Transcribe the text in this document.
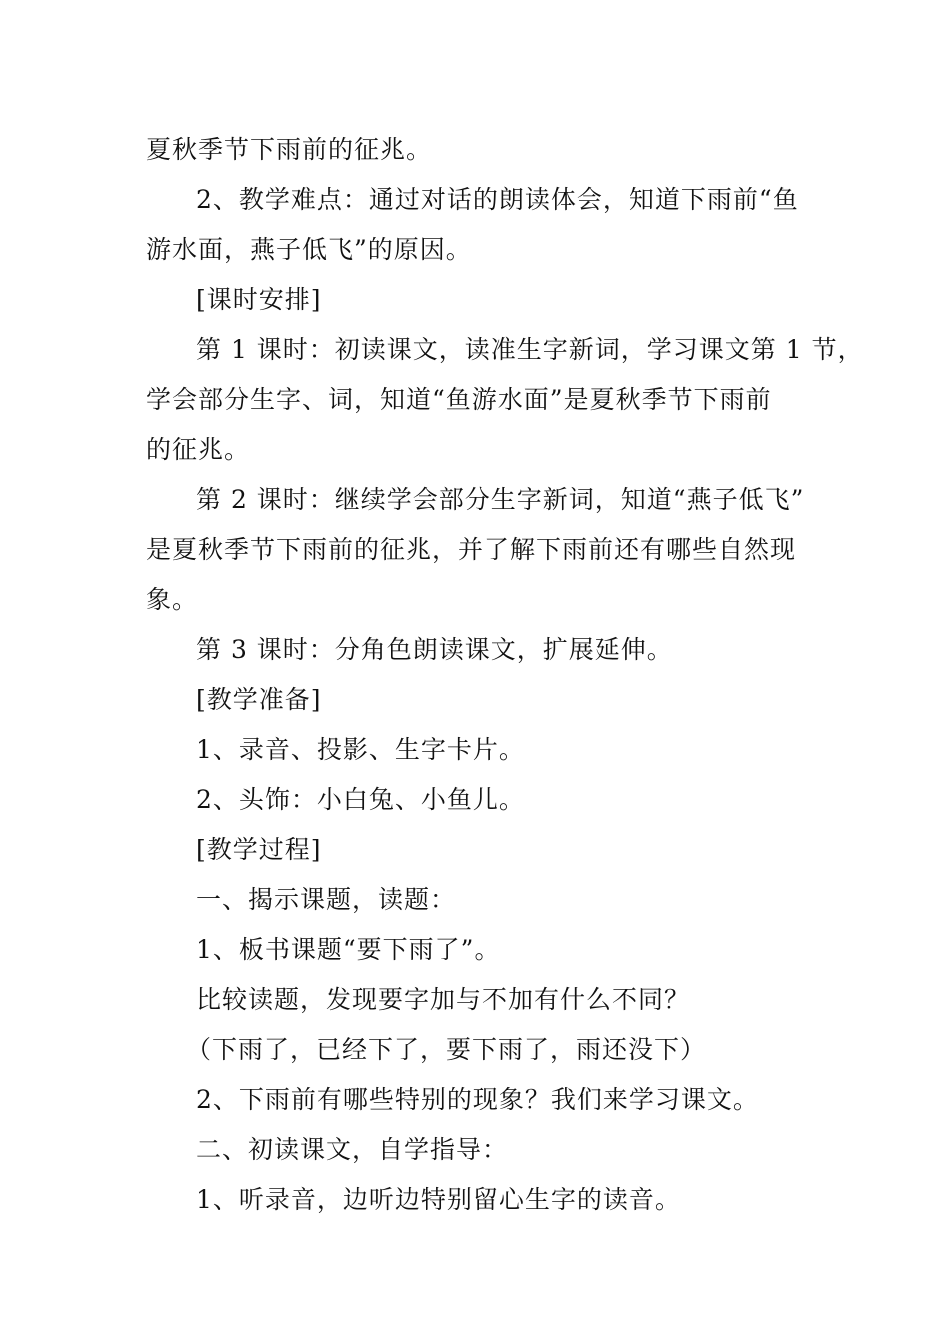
夏秋季节下雨前的征兆。
2、教学难点：通过对话的朗读体会，知道下雨前“鱼
游水面，燕子低飞”的原因。
[课时安排]
第 1 课时：初读课文，读准生字新词，学习课文第 1 节，
学会部分生字、词，知道“鱼游水面”是夏秋季节下雨前
的征兆。
第 2 课时：继续学会部分生字新词，知道“燕子低飞”
是夏秋季节下雨前的征兆，并了解下雨前还有哪些自然现
象。
第 3 课时：分角色朗读课文，扩展延伸。
[教学准备]
1、录音、投影、生字卡片。
2、头饰：小白兔、小鱼儿。
[教学过程]
一、揭示课题，读题：
1、板书课题“要下雨了”。
比较读题，发现要字加与不加有什么不同？
（下雨了，已经下了，要下雨了，雨还没下）
2、下雨前有哪些特别的现象？我们来学习课文。
二、初读课文，自学指导：
1、听录音，边听边特别留心生字的读音。
